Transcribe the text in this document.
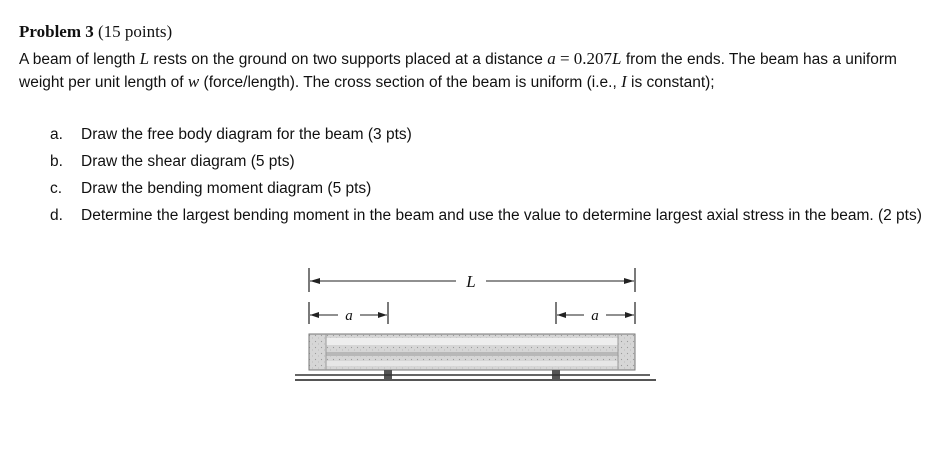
Problem 3 (15 points)
A beam of length L rests on the ground on two supports placed at a distance a = 0.207L from the ends. The beam has a uniform weight per unit length of w (force/length). The cross section of the beam is uniform (i.e., I is constant);
a. Draw the free body diagram for the beam (3 pts)
b. Draw the shear diagram (5 pts)
c. Draw the bending moment diagram (5 pts)
d. Determine the largest bending moment in the beam and use the value to determine largest axial stress in the beam. (2 pts)
L
a	a
